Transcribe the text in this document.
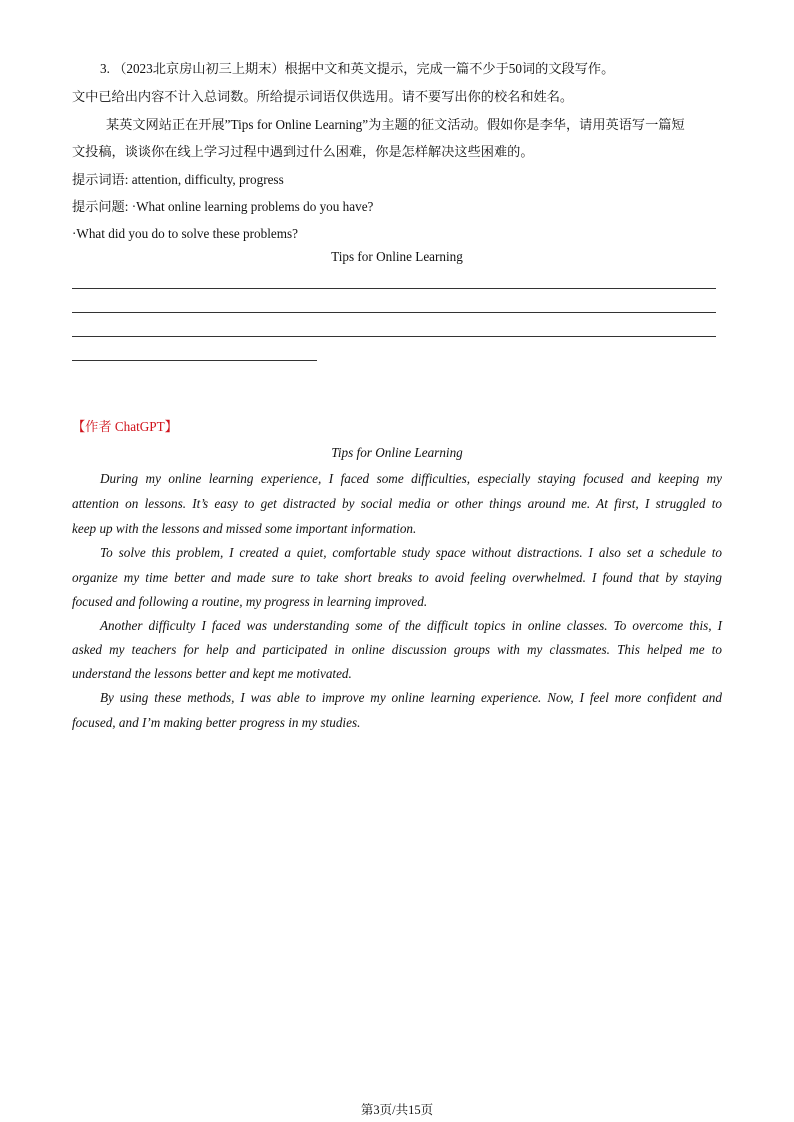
3. （2023北京房山初三上期末）根据中文和英文提示，完成一篇不少于50词的文段写作。
文中已给出内容不计入总词数。所给提示词语仅供选用。请不要写出你的校名和姓名。
某英文网站正在开展”Tips for Online Learning”为主题的征文活动。假如你是李华，请用英语写一篇短
文投稿，谈谈你在线上学习过程中遇到过什么困难，你是怎样解决这些困难的。
提示词语: attention, difficulty, progress
提示问题: ·What online learning problems do you have?
·What did you do to solve these problems?
Tips for Online Learning
【作者 ChatGPT】
Tips for Online Learning
During my online learning experience, I faced some difficulties, especially staying focused and keeping my
attention on lessons. It’s easy to get distracted by social media or other things around me. At first, I struggled to
keep up with the lessons and missed some important information.
To solve this problem, I created a quiet, comfortable study space without distractions. I also set a schedule to
organize my time better and made sure to take short breaks to avoid feeling overwhelmed. I found that by staying
focused and following a routine, my progress in learning improved.
Another difficulty I faced was understanding some of the difficult topics in online classes. To overcome this, I
asked my teachers for help and participated in online discussion groups with my classmates. This helped me to
understand the lessons better and kept me motivated.
By using these methods, I was able to improve my online learning experience. Now, I feel more confident and
focused, and I’m making better progress in my studies.
第3页/共15页
